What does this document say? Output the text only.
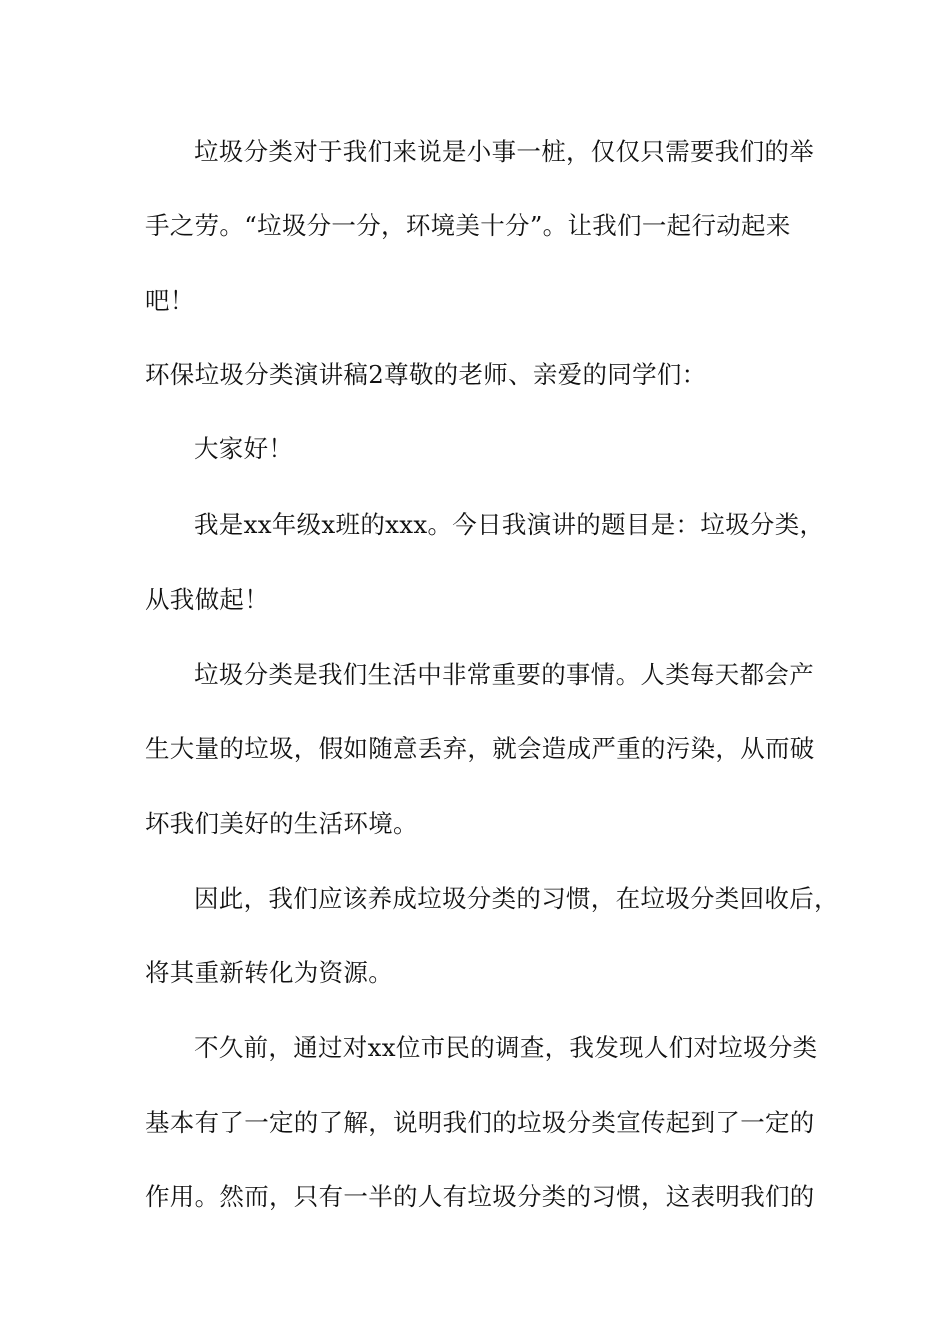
垃圾分类对于我们来说是小事一桩，仅仅只需要我们的举
手之劳。“垃圾分一分，环境美十分”。让我们一起行动起来
吧！
环保垃圾分类演讲稿2尊敬的老师、亲爱的同学们：
大家好！
我是xx年级x班的xxx。今日我演讲的题目是：垃圾分类，
从我做起！
垃圾分类是我们生活中非常重要的事情。人类每天都会产
生大量的垃圾，假如随意丢弃，就会造成严重的污染，从而破
坏我们美好的生活环境。
因此，我们应该养成垃圾分类的习惯，在垃圾分类回收后，
将其重新转化为资源。
不久前，通过对xx位市民的调查，我发现人们对垃圾分类
基本有了一定的了解，说明我们的垃圾分类宣传起到了一定的
作用。然而，只有一半的人有垃圾分类的习惯，这表明我们的
